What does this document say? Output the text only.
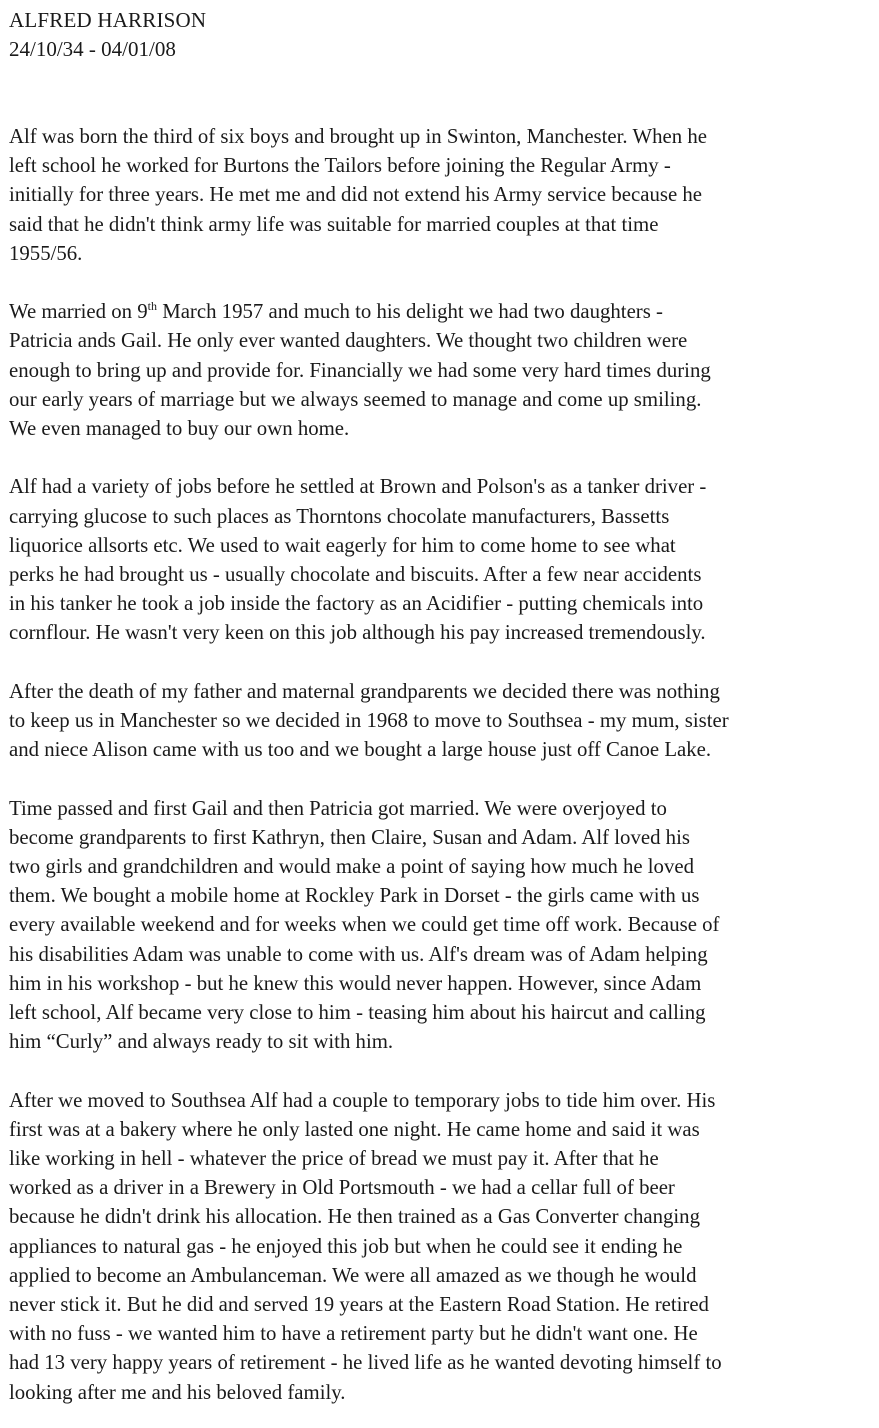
ALFRED HARRISON
24/10/34 - 04/01/08
Alf was born the third of six boys and brought up in Swinton, Manchester. When he
left school he worked for Burtons the Tailors before joining the Regular Army -
initially for three years. He met me and did not extend his Army service because he
said that he didn't think army life was suitable for married couples at that time
1955/56.
We married on 9th March 1957 and much to his delight we had two daughters -
Patricia ands Gail. He only ever wanted daughters. We thought two children were
enough to bring up and provide for. Financially we had some very hard times during
our early years of marriage but we always seemed to manage and come up smiling.
We even managed to buy our own home.
Alf had a variety of jobs before he settled at Brown and Polson's as a tanker driver -
carrying glucose to such places as Thorntons chocolate manufacturers, Bassetts
liquorice allsorts etc. We used to wait eagerly for him to come home to see what
perks he had brought us - usually chocolate and biscuits. After a few near accidents
in his tanker he took a job inside the factory as an Acidifier - putting chemicals into
cornflour. He wasn't very keen on this job although his pay increased tremendously.
After the death of my father and maternal grandparents we decided there was nothing
to keep us in Manchester so we decided in 1968 to move to Southsea - my mum, sister
and niece Alison came with us too and we bought a large house just off Canoe Lake.
Time passed and first Gail and then Patricia got married. We were overjoyed to
become grandparents to first Kathryn, then Claire, Susan and Adam. Alf loved his
two girls and grandchildren and would make a point of saying how much he loved
them. We bought a mobile home at Rockley Park in Dorset - the girls came with us
every available weekend and for weeks when we could get time off work. Because of
his disabilities Adam was unable to come with us. Alf's dream was of Adam helping
him in his workshop - but he knew this would never happen. However, since Adam
left school, Alf became very close to him - teasing him about his haircut and calling
him “Curly” and always ready to sit with him.
After we moved to Southsea Alf had a couple to temporary jobs to tide him over. His
first was at a bakery where he only lasted one night. He came home and said it was
like working in hell - whatever the price of bread we must pay it. After that he
worked as a driver in a Brewery in Old Portsmouth - we had a cellar full of beer
because he didn't drink his allocation. He then trained as a Gas Converter changing
appliances to natural gas - he enjoyed this job but when he could see it ending he
applied to become an Ambulanceman. We were all amazed as we though he would
never stick it. But he did and served 19 years at the Eastern Road Station. He retired
with no fuss - we wanted him to have a retirement party but he didn't want one. He
had 13 very happy years of retirement - he lived life as he wanted devoting himself to
looking after me and his beloved family.
